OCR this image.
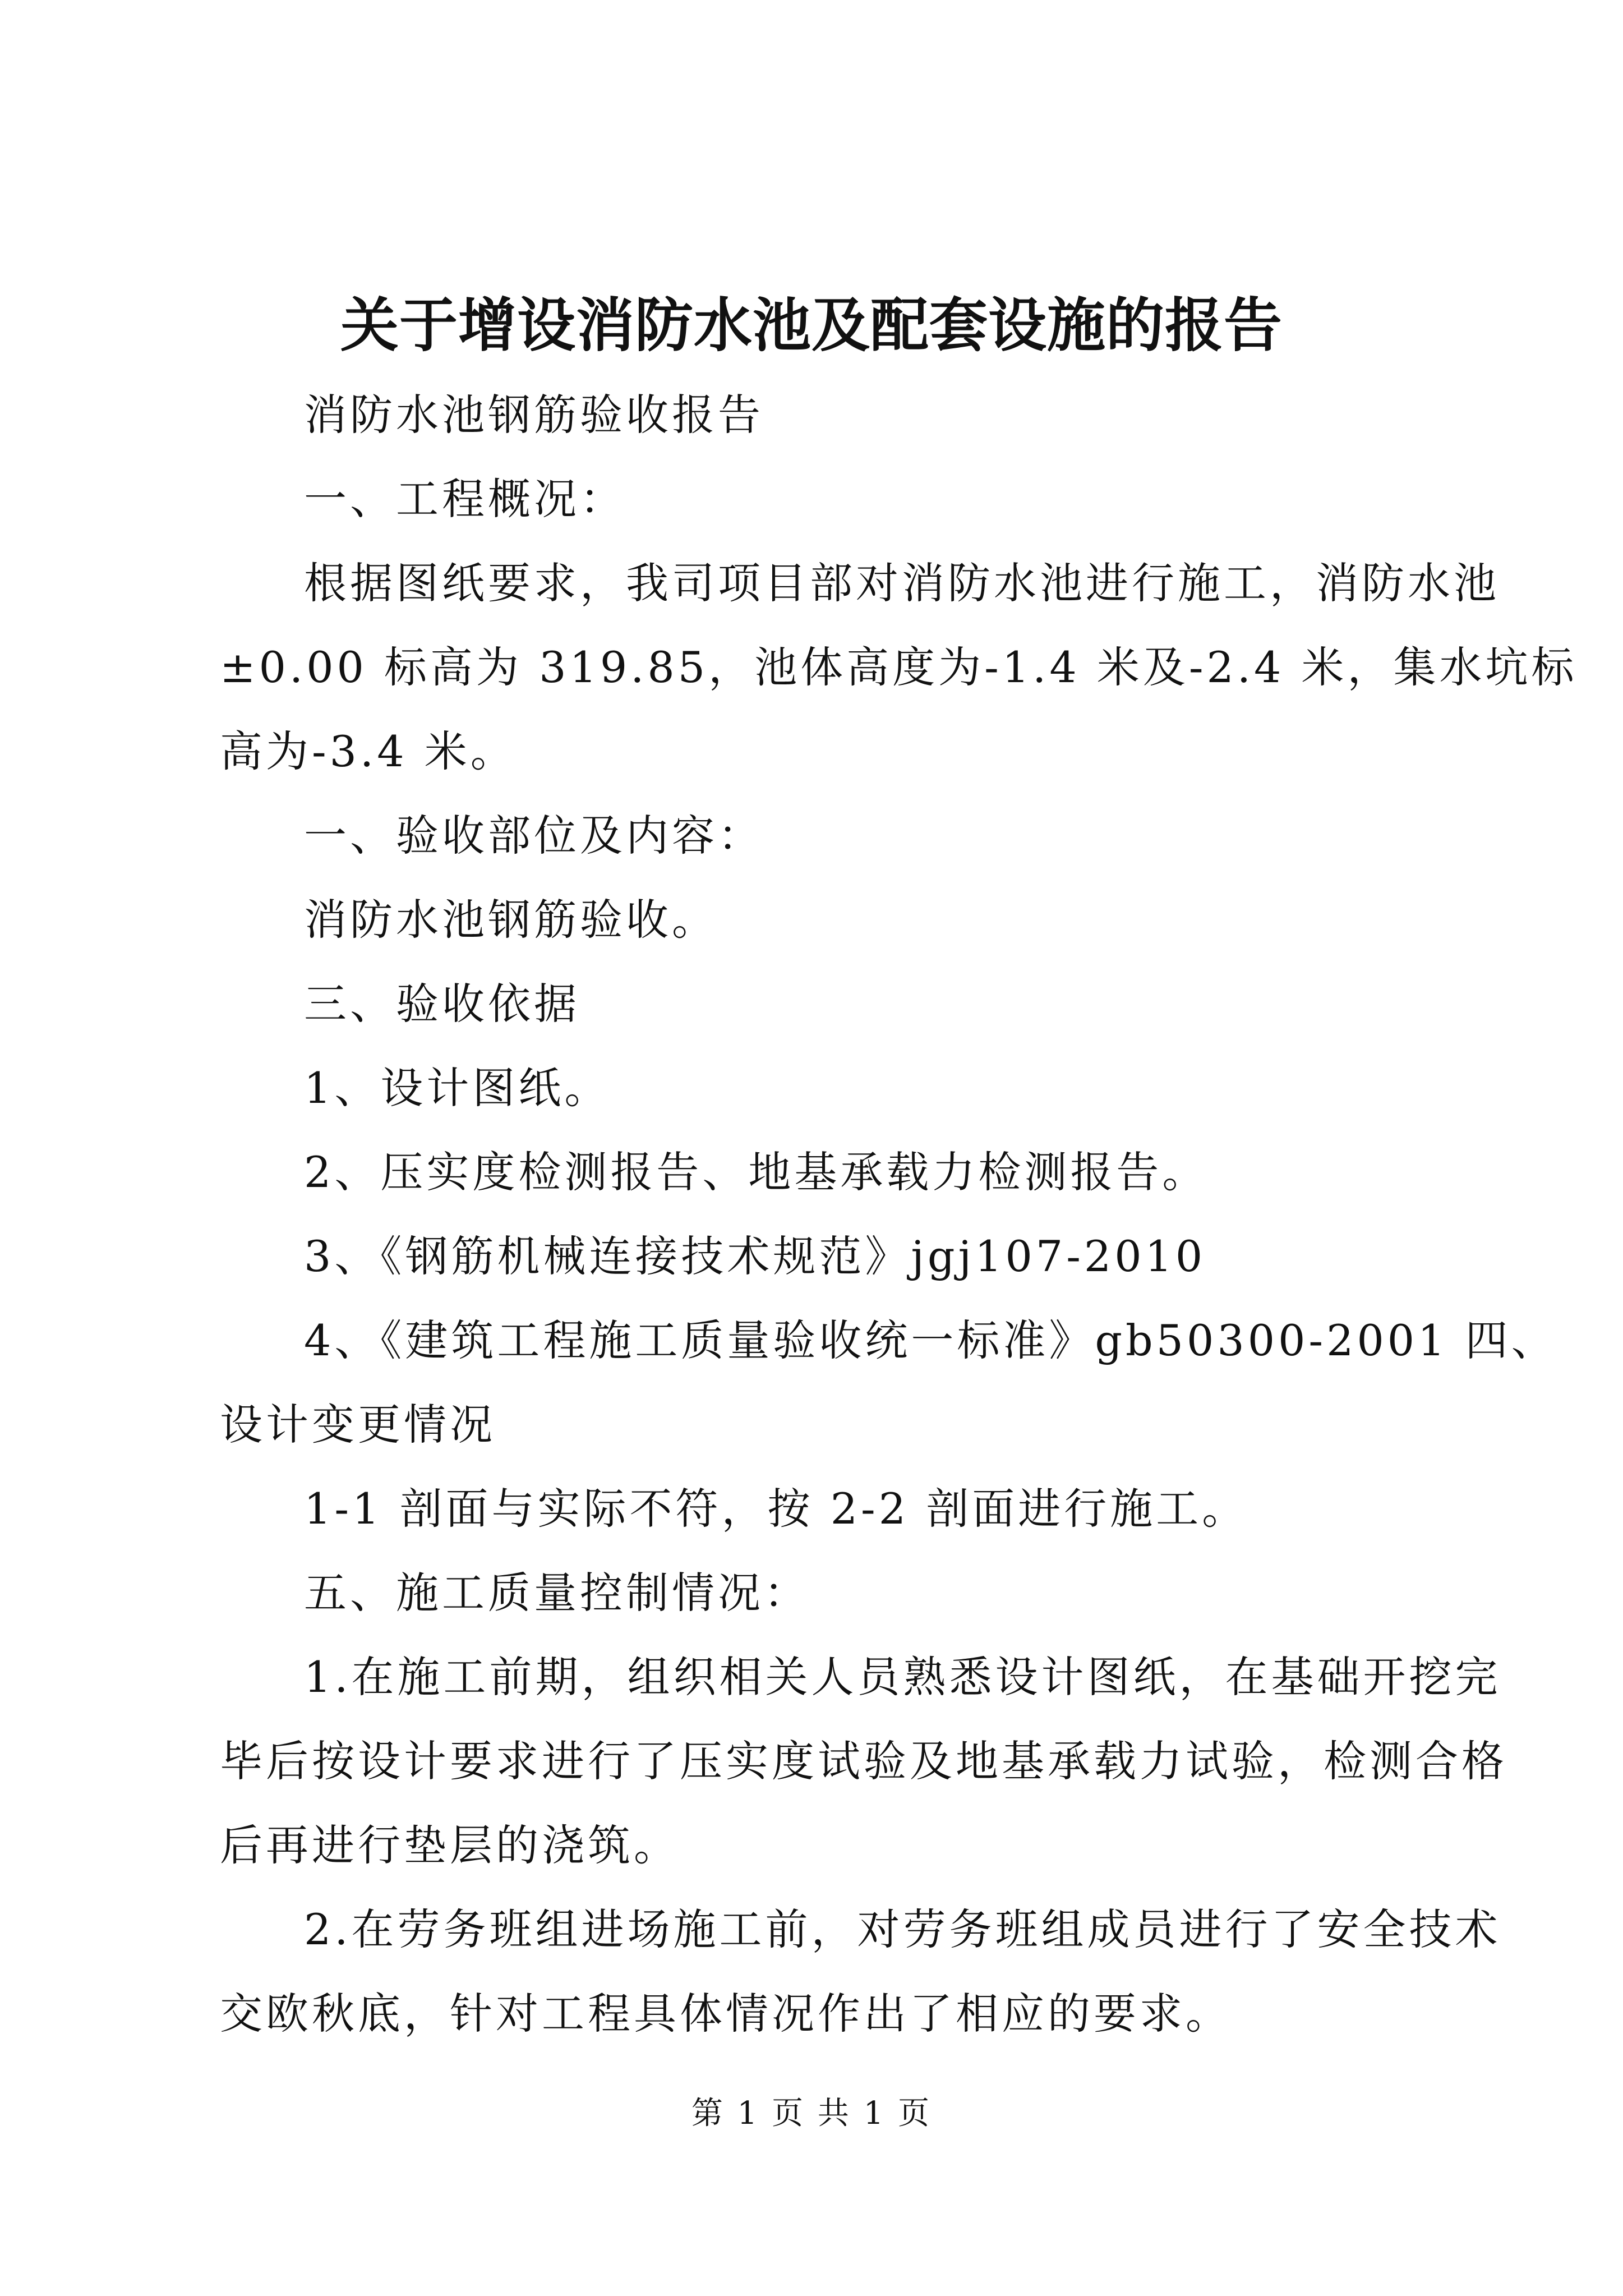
关于增设消防水池及配套设施的报告
消防水池钢筋验收报告
一、工程概况：
根据图纸要求，我司项目部对消防水池进行施工，消防水池
±0.00 标高为 319.85，池体高度为-1.4 米及-2.4 米，集水坑标
高为-3.4 米。
一、验收部位及内容：
消防水池钢筋验收。
三、验收依据
1、设计图纸。
2、压实度检测报告、地基承载力检测报告。
3、《钢筋机械连接技术规范》jgj107-2010
4、《建筑工程施工质量验收统一标准》gb50300-2001 四、
设计变更情况
1-1 剖面与实际不符，按 2-2 剖面进行施工。
五、施工质量控制情况：
1.在施工前期，组织相关人员熟悉设计图纸，在基础开挖完
毕后按设计要求进行了压实度试验及地基承载力试验，检测合格
后再进行垫层的浇筑。
2.在劳务班组进场施工前，对劳务班组成员进行了安全技术
交欧秋底，针对工程具体情况作出了相应的要求。
第 1 页 共 1 页
